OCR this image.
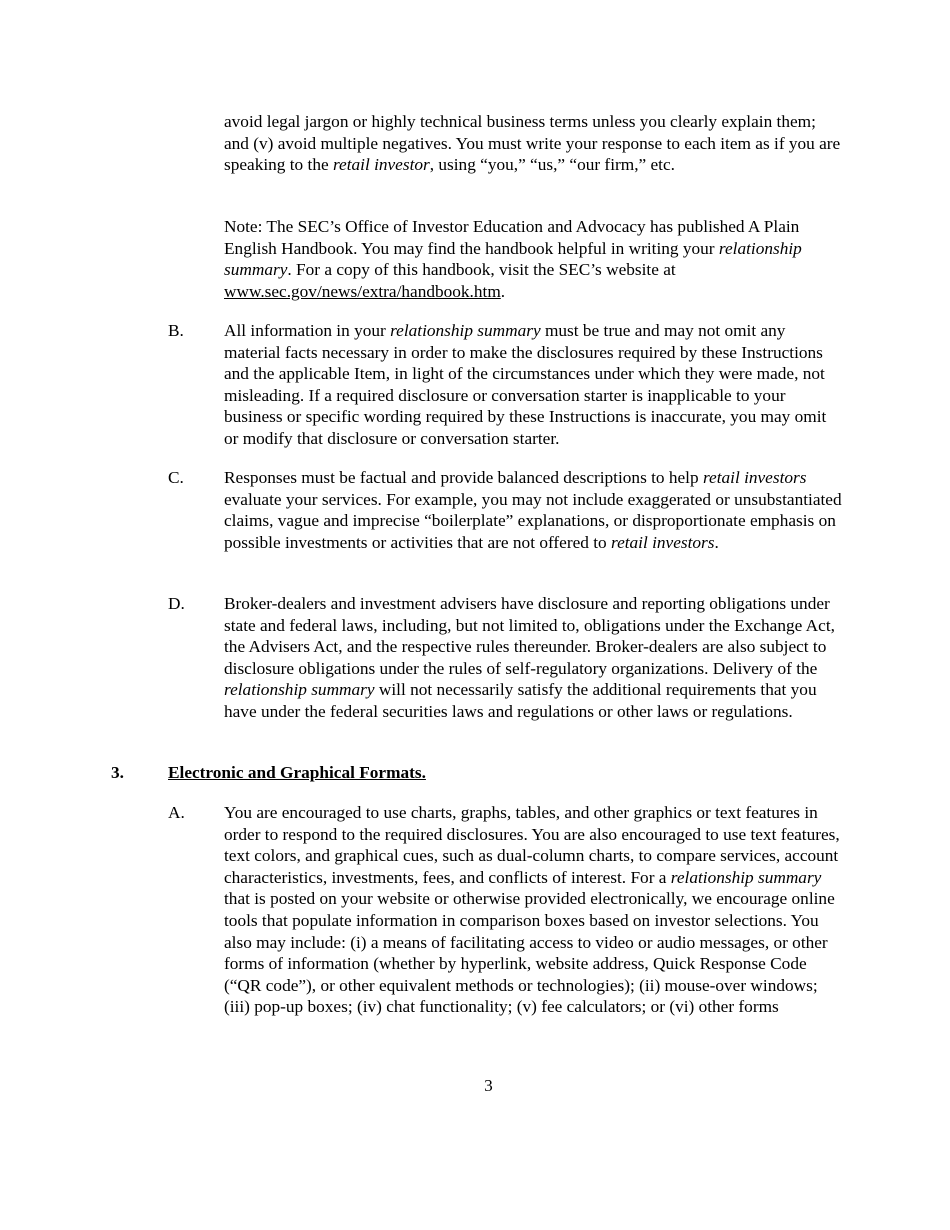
avoid legal jargon or highly technical business terms unless you clearly explain them; and (v) avoid multiple negatives. You must write your response to each item as if you are speaking to the retail investor, using “you,” “us,” “our firm,” etc.

Note: The SEC’s Office of Investor Education and Advocacy has published A Plain English Handbook. You may find the handbook helpful in writing your relationship summary. For a copy of this handbook, visit the SEC’s website at www.sec.gov/news/extra/handbook.htm.

B. All information in your relationship summary must be true and may not omit any material facts necessary in order to make the disclosures required by these Instructions and the applicable Item, in light of the circumstances under which they were made, not misleading. If a required disclosure or conversation starter is inapplicable to your business or specific wording required by these Instructions is inaccurate, you may omit or modify that disclosure or conversation starter.

C. Responses must be factual and provide balanced descriptions to help retail investors evaluate your services. For example, you may not include exaggerated or unsubstantiated claims, vague and imprecise “boilerplate” explanations, or disproportionate emphasis on possible investments or activities that are not offered to retail investors.

D. Broker-dealers and investment advisers have disclosure and reporting obligations under state and federal laws, including, but not limited to, obligations under the Exchange Act, the Advisers Act, and the respective rules thereunder. Broker-dealers are also subject to disclosure obligations under the rules of self-regulatory organizations. Delivery of the relationship summary will not necessarily satisfy the additional requirements that you have under the federal securities laws and regulations or other laws or regulations.

3.	Electronic and Graphical Formats.

A. You are encouraged to use charts, graphs, tables, and other graphics or text features in order to respond to the required disclosures. You are also encouraged to use text features, text colors, and graphical cues, such as dual-column charts, to compare services, account characteristics, investments, fees, and conflicts of interest. For a relationship summary that is posted on your website or otherwise provided electronically, we encourage online tools that populate information in comparison boxes based on investor selections. You also may include: (i) a means of facilitating access to video or audio messages, or other forms of information (whether by hyperlink, website address, Quick Response Code (“QR code”), or other equivalent methods or technologies); (ii) mouse-over windows; (iii) pop-up boxes; (iv) chat functionality; (v) fee calculators; or (vi) other forms

3
